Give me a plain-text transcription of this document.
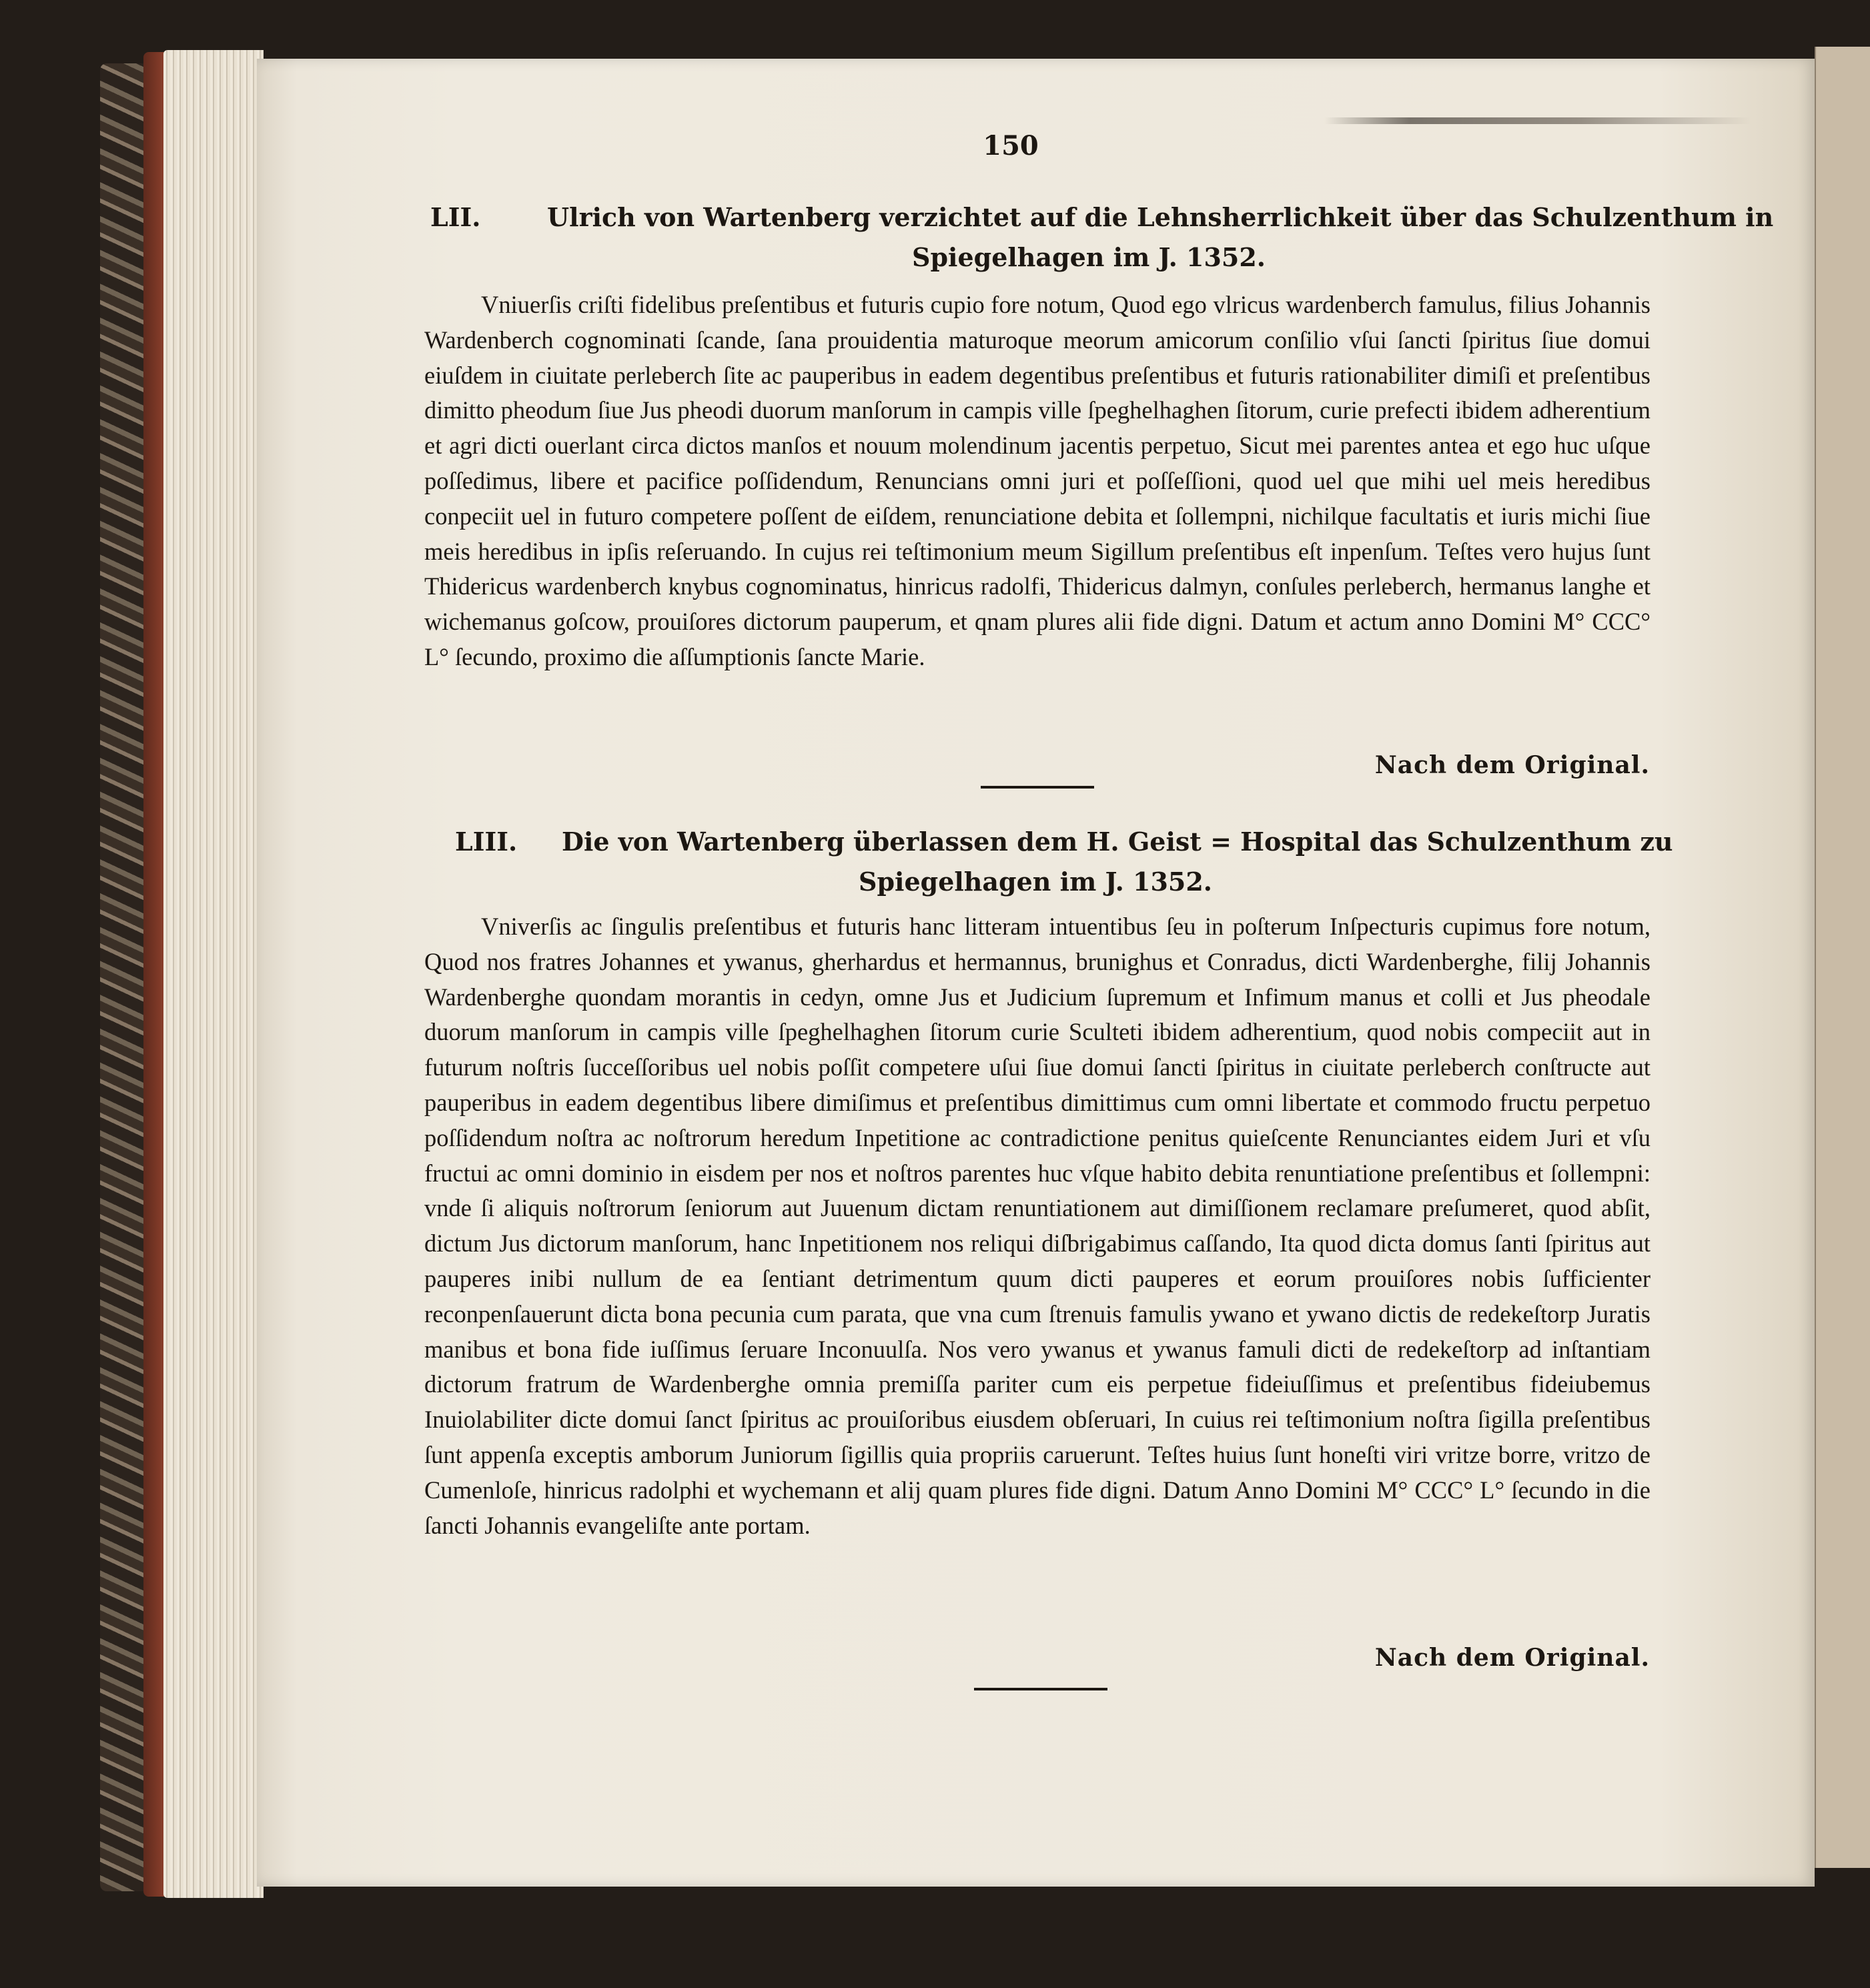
150
LII.	Ulrich von Wartenberg verzichtet auf die Lehnsherrlichkeit über das Schulzenthum in
Spiegelhagen im J. 1352.

Vniuerſis criſti fidelibus preſentibus et futuris cupio fore notum, Quod ego vlricus wardenberch famulus, filius Johannis Wardenberch cognominati ſcande, ſana prouidentia maturoque meorum amicorum conſilio vſui ſancti ſpiritus ſiue domui eiuſdem in ciuitate perleberch ſite ac pauperibus in eadem degentibus preſentibus et futuris rationabiliter dimiſi et preſentibus dimitto pheodum ſiue Jus pheodi duorum manſorum in campis ville ſpeghelhaghen ſitorum, curie prefecti ibidem adherentium et agri dicti ouerlant circa dictos manſos et nouum molendinum jacentis perpetuo, Sicut mei parentes antea et ego huc uſque poſſedimus, libere et pacifice poſſidendum, Renuncians omni juri et poſſeſſioni, quod uel que mihi uel meis heredibus conpeciit uel in futuro competere poſſent de eiſdem, renunciatione debita et ſollempni, nichilque facultatis et iuris michi ſiue meis heredibus in ipſis reſeruando. In cujus rei teſtimonium meum Sigillum preſentibus eſt inpenſum. Teſtes vero hujus ſunt Thidericus wardenberch knybus cognominatus, hinricus radolfi, Thidericus dalmyn, conſules perleberch, hermanus langhe et wichemanus goſcow, prouiſores dictorum pauperum, et qnam plures alii fide digni. Datum et actum anno Domini M° CCC° L° ſecundo, proximo die aſſumptionis ſancte Marie.

Nach dem Original.
LIII. Die von Wartenberg überlassen dem H. Geist = Hospital das Schulzenthum zu
Spiegelhagen im J. 1352.

Vniverſis ac ſingulis preſentibus et futuris hanc litteram intuentibus ſeu in poſterum Inſpecturis cupimus fore notum, Quod nos fratres Johannes et ywanus, gherhardus et hermannus, brunighus et Conradus, dicti Wardenberghe, filij Johannis Wardenberghe quondam morantis in cedyn, omne Jus et Judicium ſupremum et Infimum manus et colli et Jus pheodale duorum manſorum in campis ville ſpeghelhaghen ſitorum curie Sculteti ibidem adherentium, quod nobis compeciit aut in futurum noſtris ſucceſſoribus uel nobis poſſit competere uſui ſiue domui ſancti ſpiritus in ciuitate perleberch conſtructe aut pauperibus in eadem degentibus libere dimiſimus et preſentibus dimittimus cum omni libertate et commodo fructu perpetuo poſſidendum noſtra ac noſtrorum heredum Inpetitione ac contradictione penitus quieſcente Renunciantes eidem Juri et vſu fructui ac omni dominio in eisdem per nos et noſtros parentes huc vſque habito debita renuntiatione preſentibus et ſollempni: vnde ſi aliquis noſtrorum ſeniorum aut Juuenum dictam renuntiationem aut dimiſſionem reclamare preſumeret, quod abſit, dictum Jus dictorum manſorum, hanc Inpetitionem nos reliqui diſbrigabimus caſſando, Ita quod dicta domus ſanti ſpiritus aut pauperes inibi nullum de ea ſentiant detrimentum quum dicti pauperes et eorum prouiſores nobis ſufficienter reconpenſauerunt dicta bona pecunia cum parata, que vna cum ſtrenuis famulis ywano et ywano dictis de redekeſtorp Juratis manibus et bona fide iuſſimus ſeruare Inconuulſa. Nos vero ywanus et ywanus famuli dicti de redekeſtorp ad inſtantiam dictorum fratrum de Wardenberghe omnia premiſſa pariter cum eis perpetue fideiuſſimus et preſentibus fideiubemus Inuiolabiliter dicte domui ſanct ſpiritus ac prouiſoribus eiusdem obſeruari, In cuius rei teſtimonium noſtra ſigilla preſentibus ſunt appenſa exceptis amborum Juniorum ſigillis quia propriis caruerunt. Teſtes huius ſunt honeſti viri vritze borre, vritzo de Cumenloſe, hinricus radolphi et wychemann et alij quam plures fide digni. Datum Anno Domini M° CCC° L° ſecundo in die ſancti Johannis evangeliſte ante portam.

Nach dem Original.
